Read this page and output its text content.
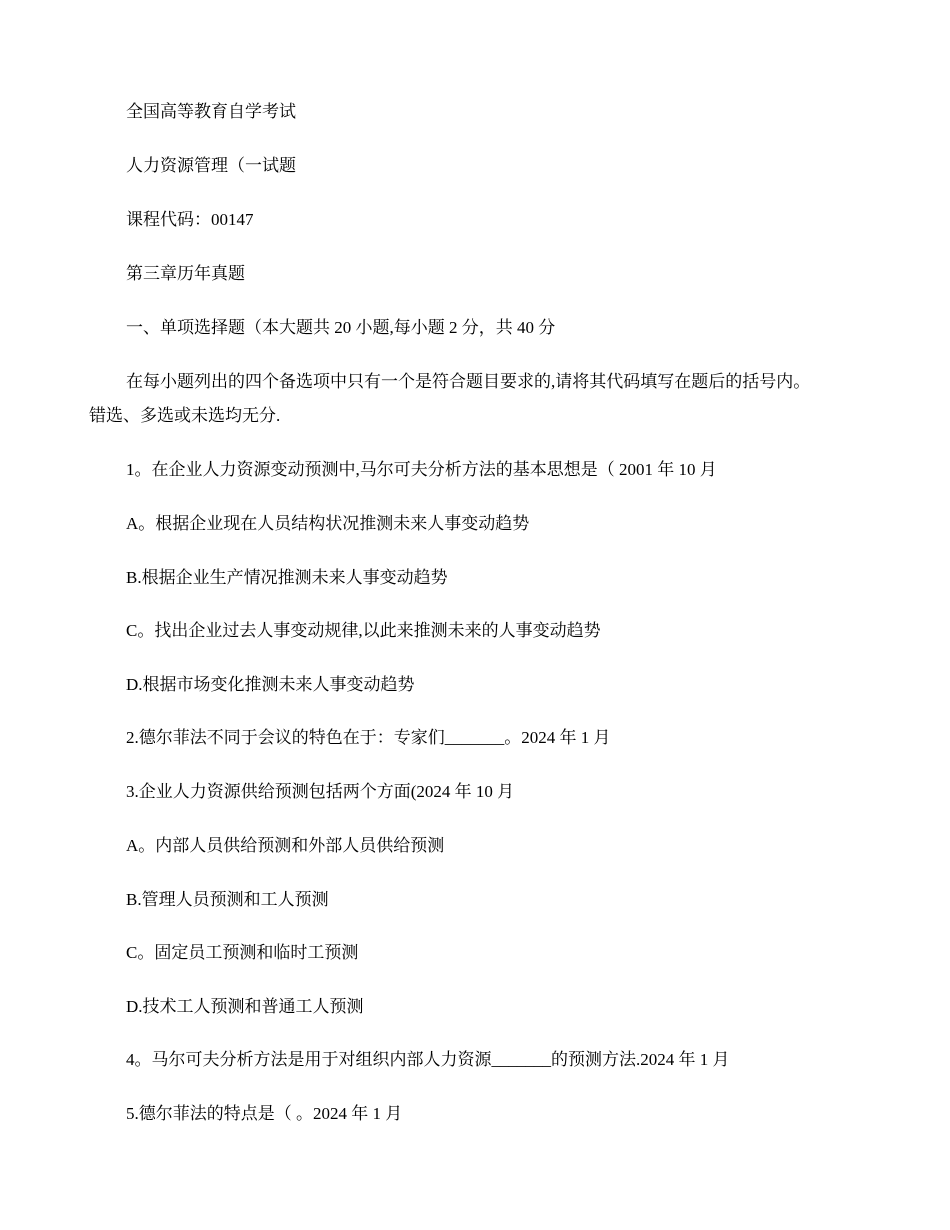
全国高等教育自学考试
人力资源管理（一试题
课程代码：00147
第三章历年真题
一、单项选择题（本大题共 20 小题,每小题 2 分，共 40 分
在每小题列出的四个备选项中只有一个是符合题目要求的,请将其代码填写在题后的括号内。
错选、多选或未选均无分.
1。在企业人力资源变动预测中,马尔可夫分析方法的基本思想是（ 2001 年 10 月
A。根据企业现在人员结构状况推测未来人事变动趋势
B.根据企业生产情况推测未来人事变动趋势
C。找出企业过去人事变动规律,以此来推测未来的人事变动趋势
D.根据市场变化推测未来人事变动趋势
2.德尔菲法不同于会议的特色在于：专家们_______。2024 年 1 月
3.企业人力资源供给预测包括两个方面(2024 年 10 月
A。内部人员供给预测和外部人员供给预测
B.管理人员预测和工人预测
C。固定员工预测和临时工预测
D.技术工人预测和普通工人预测
4。马尔可夫分析方法是用于对组织内部人力资源_______的预测方法.2024 年 1 月
5.德尔菲法的特点是（ 。2024 年 1 月
